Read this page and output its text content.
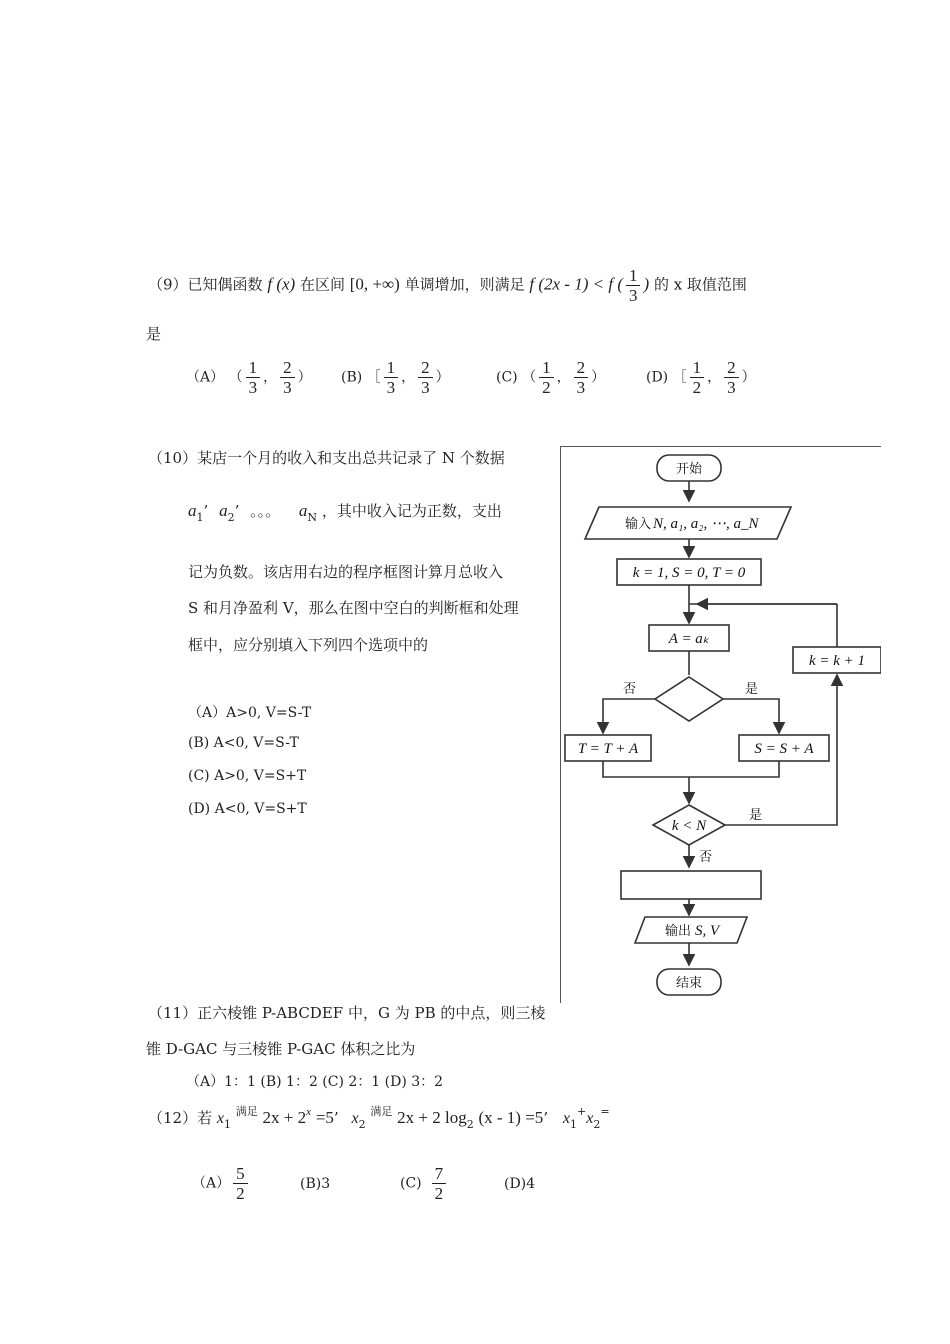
（9）已知偶函数 f (x) 在区间 [0, +∞) 单调增加，则满足 f (2x - 1) < f ( $\frac{1}{3}$ ) 的 x 取值范围
是
（A） （ $\frac{1}{3}$ ， $\frac{2}{3}$ ） (B) ［ $\frac{1}{3}$ ， $\frac{2}{3}$ ）	(C) （ $\frac{1}{2}$ ， $\frac{2}{3}$ ）	(D) ［ $\frac{1}{2}$ ， $\frac{2}{3}$ ）
（10）某店一个月的收入和支出总共记录了 N 个数据
$a_1$’ $a_2$’ 。。。 $a_N$ ，其中收入记为正数，支出
记为负数。该店用右边的程序框图计算月总收入
S 和月净盈利 V，那么在图中空白的判断框和处理
框中，应分别填入下列四个选项中的
（A）A>0, V=S-T
(B) A<0, V=S-T
(C) A>0, V=S+T
(D) A<0, V=S+T
开始
输入 N, a₁, a₂, ⋯, a_N
k = 1, S = 0, T = 0
A = aₖ
否	是
T = T + A	S = S + A
k = k + 1
k < N
是
否
输出 S, V
结束
（11）正六棱锥 P-ABCDEF 中，G 为 PB 的中点，则三棱
锥 D-GAC 与三棱锥 P-GAC 体积之比为
（A）1：1 (B) 1：2 (C) 2：1 (D) 3：2
（12）若 $x_1$ $^{满足}$ $2x + 2^x =5$’ $x_2$ $^{满足}$ 2x + 2 $\log_2 (x - 1) =5$’ $x_1^+x_2^=$
$(A) \frac{5}{2}$	(B)3	$(C) \frac{7}{2}$	(D)4
